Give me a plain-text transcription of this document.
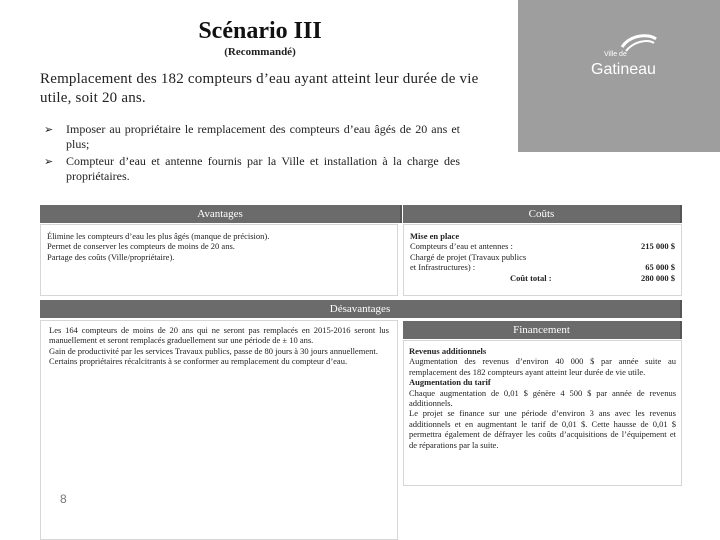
Scénario III
(Recommandé)	Ville de
Gatineau
Remplacement des 182 compteurs d’eau ayant atteint leur durée de vie utile, soit 20 ans.
➢ Imposer au propriétaire le remplacement des compteurs d’eau âgés de 20 ans et plus;
➢ Compteur d’eau et antenne fournis par la Ville et installation à la charge des propriétaires.
Avantages	Coûts

Élimine les compteurs d’eau les plus âgés (manque de précision).

Permet de conserver les compteurs de moins de 20 ans.

Partage des coûts (Ville/propriétaire).

Mise en place

Compteurs d’eau et antennes :	215 000 $
Chargé de projet (Travaux publics
et Infrastructures) :	65 000 $
Coût total :	280 000 $
Désavantages

Les 164 compteurs de moins de 20 ans qui ne seront pas remplacés en 2015-2016 seront lus manuellement et seront remplacés graduellement sur une période de ± 10 ans.

Gain de productivité par les services Travaux publics, passe de 80 jours à 30 jours annuellement.

Certains propriétaires récalcitrants à se conformer au remplacement du compteur d’eau.

Financement

Revenus additionnels

Augmentation des revenus d’environ 40 000 $ par année suite au remplacement des 182 compteurs ayant atteint leur durée de vie utile.

Augmentation du tarif

Chaque augmentation de 0,01 $ génère 4 500 $ par année de revenus additionnels.

Le projet se finance sur une période d’environ 3 ans avec les revenus additionnels et en augmentant le tarif de 0,01 $. Cette hausse de 0,01 $ permettra également de défrayer les coûts d’acquisitions de l’équipement et de réparations par la suite.

8
